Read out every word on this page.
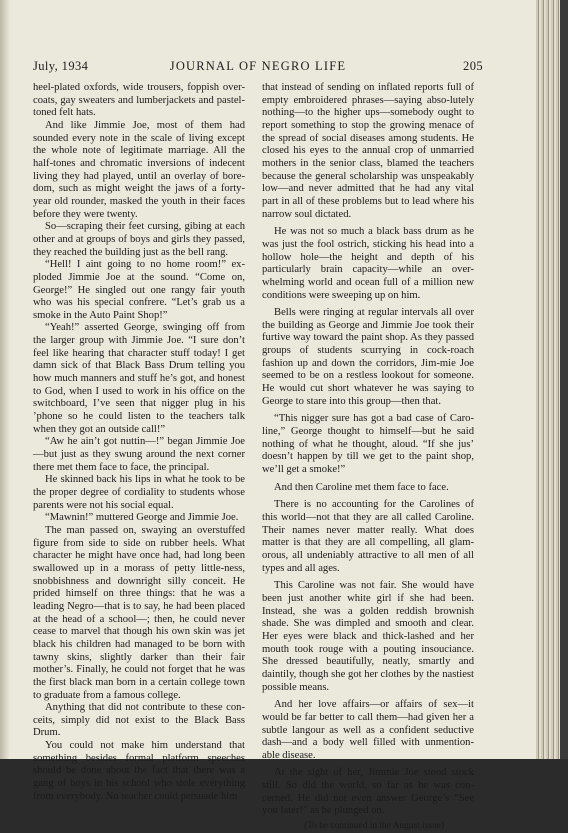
July, 1934	JOURNAL OF NEGRO LIFE	205

heel-plated oxfords, wide trousers, foppish over-coats, gay sweaters and lumberjackets and pastel-toned felt hats.

And like Jimmie Joe, most of them had sounded every note in the scale of living except the whole note of legitimate marriage. All the half-tones and chromatic inversions of indecent living they had played, until an overlay of bore-dom, such as might weight the jaws of a forty-year old rounder, masked the youth in their faces before they were twenty.

So—scraping their feet cursing, gibing at each other and at groups of boys and girls they passed, they reached the building just as the bell rang.

“Hell! I aint going to no home room!” ex-ploded Jimmie Joe at the sound. “Come on, George!” He singled out one rangy fair youth who was his special confrere. “Let’s grab us a smoke in the Auto Paint Shop!”

“Yeah!” asserted George, swinging off from the larger group with Jimmie Joe. “I sure don’t feel like hearing that character stuff today! I get damn sick of that Black Bass Drum telling you how much manners and stuff he’s got, and honest to God, when I used to work in his office on the switchboard, I’ve seen that nigger plug in his ’phone so he could listen to the teachers talk when they got an outside call!”

“Aw he ain’t got nuttin—!” began Jimmie Joe—but just as they swung around the next corner there met them face to face, the principal.

He skinned back his lips in what he took to be the proper degree of cordiality to students whose parents were not his social equal.

“Mawnin!” muttered George and Jimmie Joe.

The man passed on, swaying an overstuffed figure from side to side on rubber heels. What character he might have once had, had long been swallowed up in a morass of petty little-ness, snobbishness and downright silly conceit. He prided himself on three things: that he was a leading Negro—that is to say, he had been placed at the head of a school—; then, he could never cease to marvel that though his own skin was jet black his children had managed to be born with tawny skins, slightly darker than their fair mother’s. Finally, he could not forget that he was the first black man born in a certain college town to graduate from a famous college.

Anything that did not contribute to these con-ceits, simply did not exist to the Black Bass Drum.

You could not make him understand that something besides formal platform speeches should be done about the fact that there was a gang of boys in his school who stole everything from everybody. No teacher could persuade him

that instead of sending on inflated reports full of empty embroidered phrases—saying abso-lutely nothing—to the higher ups—somebody ought to report something to stop the growing menace of the spread of social diseases among students. He closed his eyes to the annual crop of unmarried mothers in the senior class, blamed the teachers because the general scholarship was unspeakably low—and never admitted that he had any vital part in all of these problems but to lead where his narrow soul dictated.

He was not so much a black bass drum as he was just the fool ostrich, sticking his head into a hollow hole—the height and depth of his particularly brain capacity—while an over-whelming world and ocean full of a million new conditions were sweeping up on him.

Bells were ringing at regular intervals all over the building as George and Jimmie Joe took their furtive way toward the paint shop. As they passed groups of students scurrying in cock-roach fashion up and down the corridors, Jim-mie Joe seemed to be on a restless lookout for someone. He would cut short whatever he was saying to George to stare into this group—then that.

“This nigger sure has got a bad case of Caro-line,” George thought to himself—but he said nothing of what he thought, aloud. “If she jus’ doesn’t happen by till we get to the paint shop, we’ll get a smoke!”

And then Caroline met them face to face.

There is no accounting for the Carolines of this world—not that they are all called Caroline. Their names never matter really. What does matter is that they are all compelling, all glam-orous, all undeniably attractive to all men of all types and all ages.

This Caroline was not fair. She would have been just another white girl if she had been. Instead, she was a golden reddish brownish shade. She was dimpled and smooth and clear. Her eyes were black and thick-lashed and her mouth took rouge with a pouting insouciance. She dressed beautifully, neatly, smartly and daintily, though she got her clothes by the nastiest possible means.

And her love affairs—or affairs of sex—it would be far better to call them—had given her a subtle langour as well as a confident seductive dash—and a body well filled with unmention-able disease.

At the sight of her, Jimmie Joe stood stock still. So did the world, so far as he was con-cerned. He did not even answer George’s “See you later!” as he plunged on.

(To be continued in the August issue)
